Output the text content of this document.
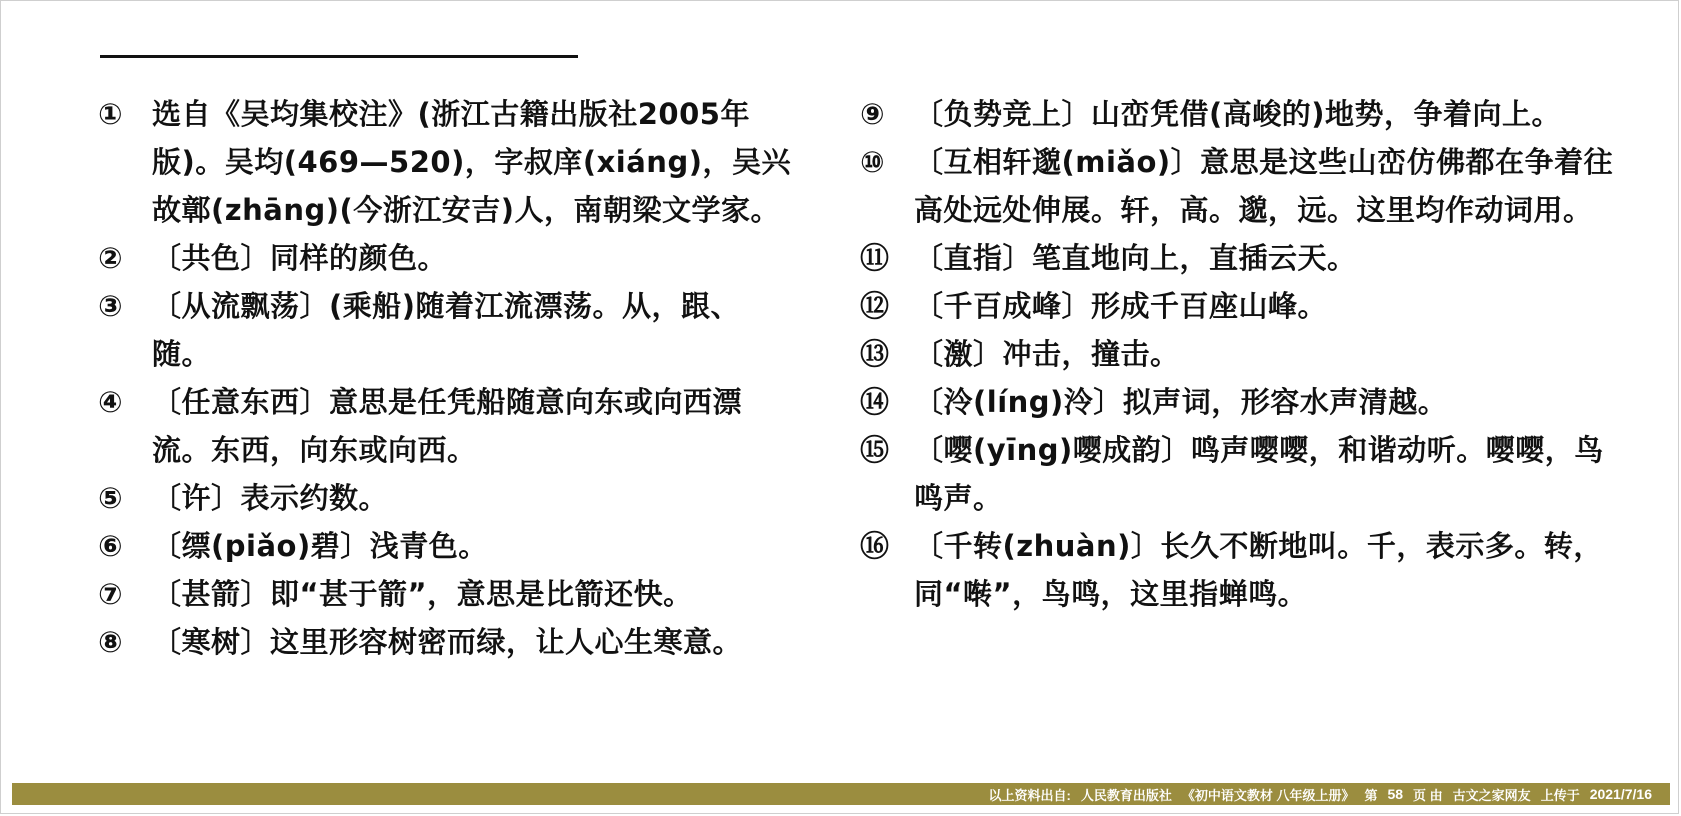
① 选自《吴均集校注》(浙江古籍出版社2005年版)。吴均(469—520)，字叔庠(xiáng)，吴兴故鄣(zhāng)(今浙江安吉)人，南朝梁文学家。
② 〔共色〕同样的颜色。
③ 〔从流飘荡〕(乘船)随着江流漂荡。从，跟、随。
④ 〔任意东西〕意思是任凭船随意向东或向西漂流。东西，向东或向西。
⑤ 〔许〕表示约数。
⑥ 〔缥(piǎo)碧〕浅青色。
⑦ 〔甚箭〕即“甚于箭”，意思是比箭还快。
⑧ 〔寒树〕这里形容树密而绿，让人心生寒意。
⑨ 〔负势竞上〕山峦凭借(高峻的)地势，争着向上。
⑩ 〔互相轩邈(miǎo)〕意思是这些山峦仿佛都在争着往高处远处伸展。轩，高。邈，远。这里均作动词用。
⑪ 〔直指〕笔直地向上，直插云天。
⑫ 〔千百成峰〕形成千百座山峰。
⑬ 〔激〕冲击，撞击。
⑭ 〔泠(líng)泠〕拟声词，形容水声清越。
⑮ 〔嘤(yīng)嘤成韵〕鸣声嘤嘤，和谐动听。嘤嘤，鸟鸣声。
⑯ 〔千转(zhuàn)〕长久不断地叫。千，表示多。转，同“啭”，鸟鸣，这里指蝉鸣。
以上资料出自: 人民教育出版社 《初中语文教材 八年级上册》 第 58 页 由 古文之家网友 上传于 2021/7/16
